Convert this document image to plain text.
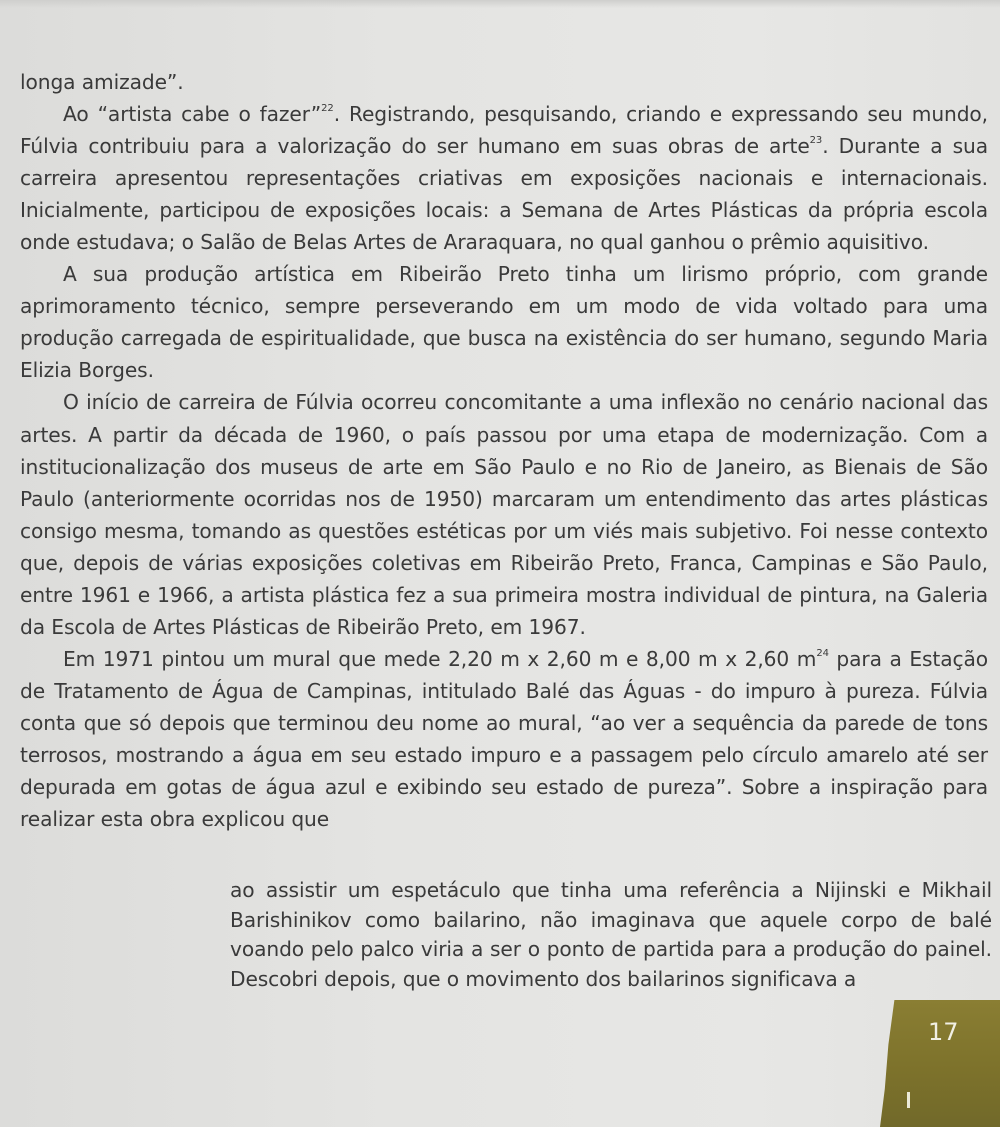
longa amizade”.

Ao “artista cabe o fazer”$^{22}$. Registrando, pesquisando, criando e expressando seu mundo, Fúlvia contribuiu para a valorização do ser humano em suas obras de arte$^{23}$. Durante a sua carreira apresentou representações criativas em exposições nacionais e internacionais. Inicialmente, participou de exposições locais: a Semana de Artes Plásticas da própria escola onde estudava; o Salão de Belas Artes de Araraquara, no qual ganhou o prêmio aquisitivo.

A sua produção artística em Ribeirão Preto tinha um lirismo próprio, com grande aprimoramento técnico, sempre perseverando em um modo de vida voltado para uma produção carregada de espiritualidade, que busca na existência do ser humano, segundo Maria Elizia Borges.

O início de carreira de Fúlvia ocorreu concomitante a uma inflexão no cenário nacional das artes. A partir da década de 1960, o país passou por uma etapa de modernização. Com a institucionalização dos museus de arte em São Paulo e no Rio de Janeiro, as Bienais de São Paulo (anteriormente ocorridas nos de 1950) marcaram um entendimento das artes plásticas consigo mesma, tomando as questões estéticas por um viés mais subjetivo. Foi nesse contexto que, depois de várias exposições coletivas em Ribeirão Preto, Franca, Campinas e São Paulo, entre 1961 e 1966, a artista plástica fez a sua primeira mostra individual de pintura, na Galeria da Escola de Artes Plásticas de Ribeirão Preto, em 1967.

Em 1971 pintou um mural que mede 2,20 m x 2,60 m e 8,00 m x 2,60 m$^{24}$ para a Estação de Tratamento de Água de Campinas, intitulado Balé das Águas - do impuro à pureza. Fúlvia conta que só depois que terminou deu nome ao mural, “ao ver a sequência da parede de tons terrosos, mostrando a água em seu estado impuro e a passagem pelo círculo amarelo até ser depurada em gotas de água azul e exibindo seu estado de pureza”. Sobre a inspiração para realizar esta obra explicou que

ao assistir um espetáculo que tinha uma referência a Nijinski e Mikhail Barishinikov como bailarino, não imaginava que aquele corpo de balé voando pelo palco viria a ser o ponto de partida para a produção do painel. Descobri depois, que o movimento dos bailarinos significava a

17
